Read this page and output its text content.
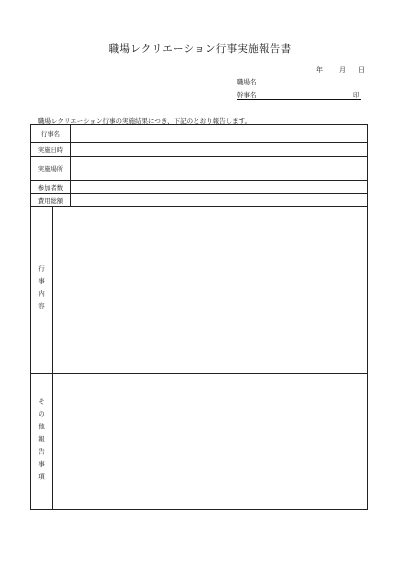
職場レクリエーション行事実施報告書
年 月 日
職場名
幹事名	印
職場レクリエーション行事の実施結果につき、下記のとおり報告します。
行事名
実施日時
実施場所
参加者数
費用総額
行事内容
その他報告事項
